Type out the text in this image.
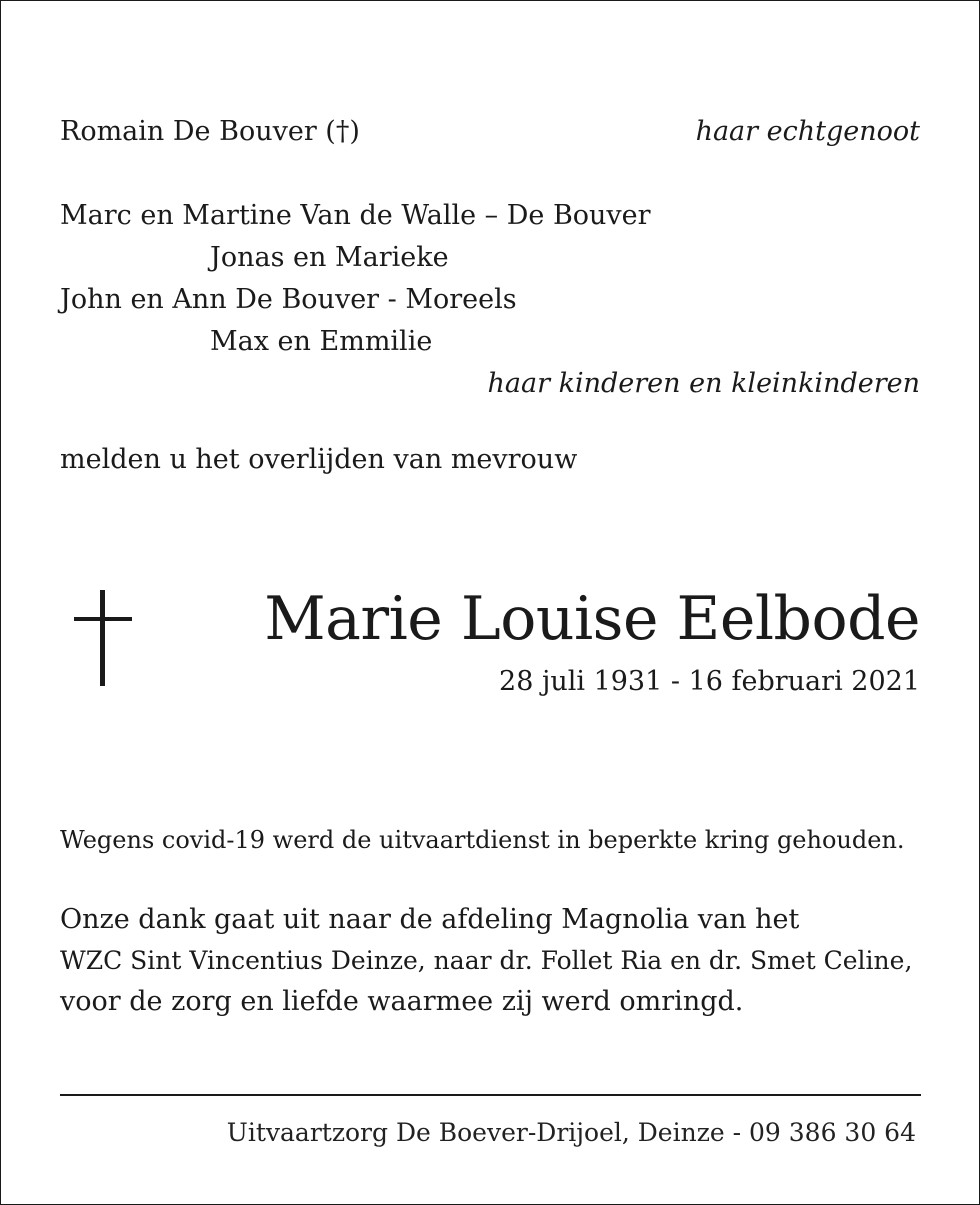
Romain De Bouver (†)	haar echtgenoot
Marc en Martine Van de Walle – De Bouver
Jonas en Marieke
John en Ann De Bouver - Moreels
Max en Emmilie
haar kinderen en kleinkinderen
melden u het overlijden van mevrouw
Marie Louise Eelbode
28 juli 1931 - 16 februari 2021
Wegens covid-19 werd de uitvaartdienst in beperkte kring gehouden.
Onze dank gaat uit naar de afdeling Magnolia van het
WZC Sint Vincentius Deinze, naar dr. Follet Ria en dr. Smet Celine,
voor de zorg en liefde waarmee zij werd omringd.
Uitvaartzorg De Boever-Drijoel, Deinze - 09 386 30 64
